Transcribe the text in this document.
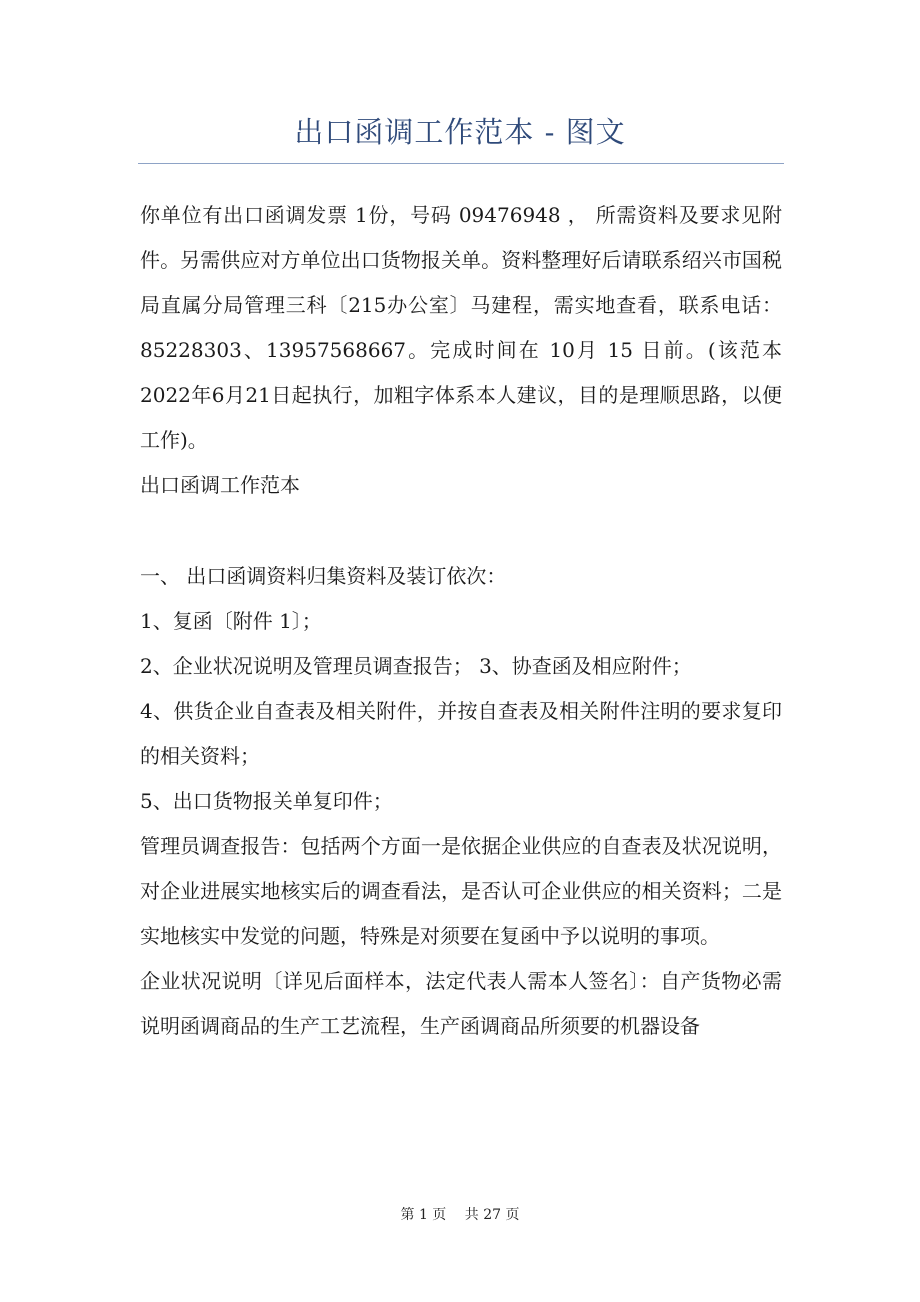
出口函调工作范本 - 图文

你单位有出口函调发票 1份，号码 09476948 ， 所需资料及要求见附件。另需供应对方单位出口货物报关单。资料整理好后请联系绍兴市国税局直属分局管理三科〔215办公室〕马建程，需实地查看，联系电话：85228303、13957568667。完成时间在 10月 15 日前。(该范本2022年6月21日起执行，加粗字体系本人建议，目的是理顺思路，以便工作)。

出口函调工作范本

一、 出口函调资料归集资料及装订依次：

1、复函〔附件 1〕；

2、企业状况说明及管理员调查报告； 3、协查函及相应附件；

4、供货企业自查表及相关附件，并按自查表及相关附件注明的要求复印的相关资料；

5、出口货物报关单复印件；

管理员调查报告：包括两个方面一是依据企业供应的自查表及状况说明，对企业进展实地核实后的调查看法，是否认可企业供应的相关资料；二是实地核实中发觉的问题，特殊是对须要在复函中予以说明的事项。

企业状况说明〔详见后面样本，法定代表人需本人签名〕：自产货物必需说明函调商品的生产工艺流程，生产函调商品所须要的机器设备

第 1 页 共 27 页
